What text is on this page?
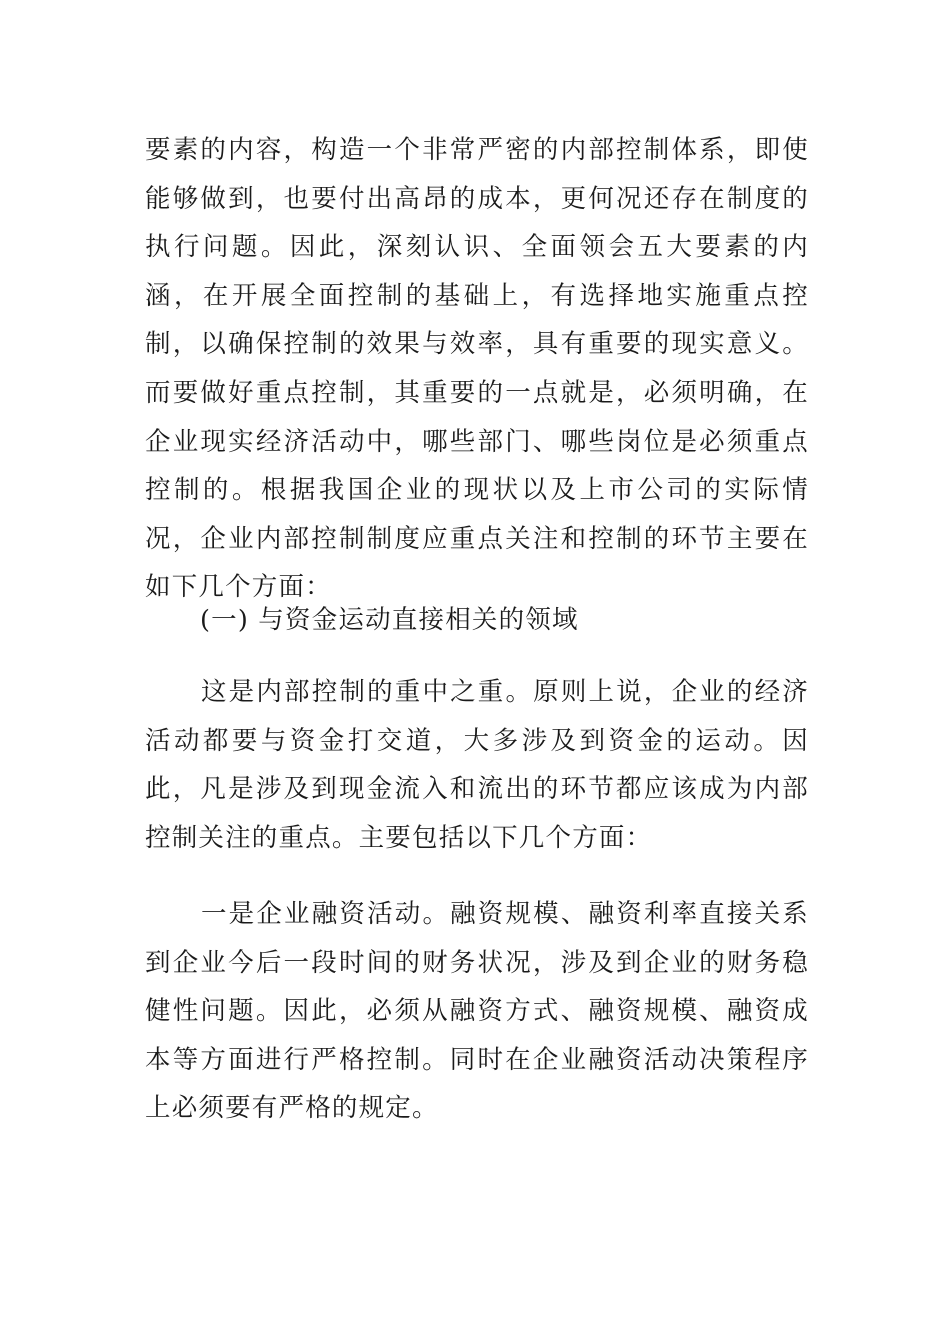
要素的内容，构造一个非常严密的内部控制体系，即使能够做到，也要付出高昂的成本，更何况还存在制度的执行问题。因此，深刻认识、全面领会五大要素的内涵，在开展全面控制的基础上，有选择地实施重点控制，以确保控制的效果与效率，具有重要的现实意义。而要做好重点控制，其重要的一点就是，必须明确，在企业现实经济活动中，哪些部门、哪些岗位是必须重点控制的。根据我国企业的现状以及上市公司的实际情况，企业内部控制制度应重点关注和控制的环节主要在如下几个方面：

(一) 与资金运动直接相关的领域

这是内部控制的重中之重。原则上说，企业的经济活动都要与资金打交道，大多涉及到资金的运动。因此，凡是涉及到现金流入和流出的环节都应该成为内部控制关注的重点。主要包括以下几个方面：

一是企业融资活动。融资规模、融资利率直接关系到企业今后一段时间的财务状况，涉及到企业的财务稳健性问题。因此，必须从融资方式、融资规模、融资成本等方面进行严格控制。同时在企业融资活动决策程序上必须要有严格的规定。
